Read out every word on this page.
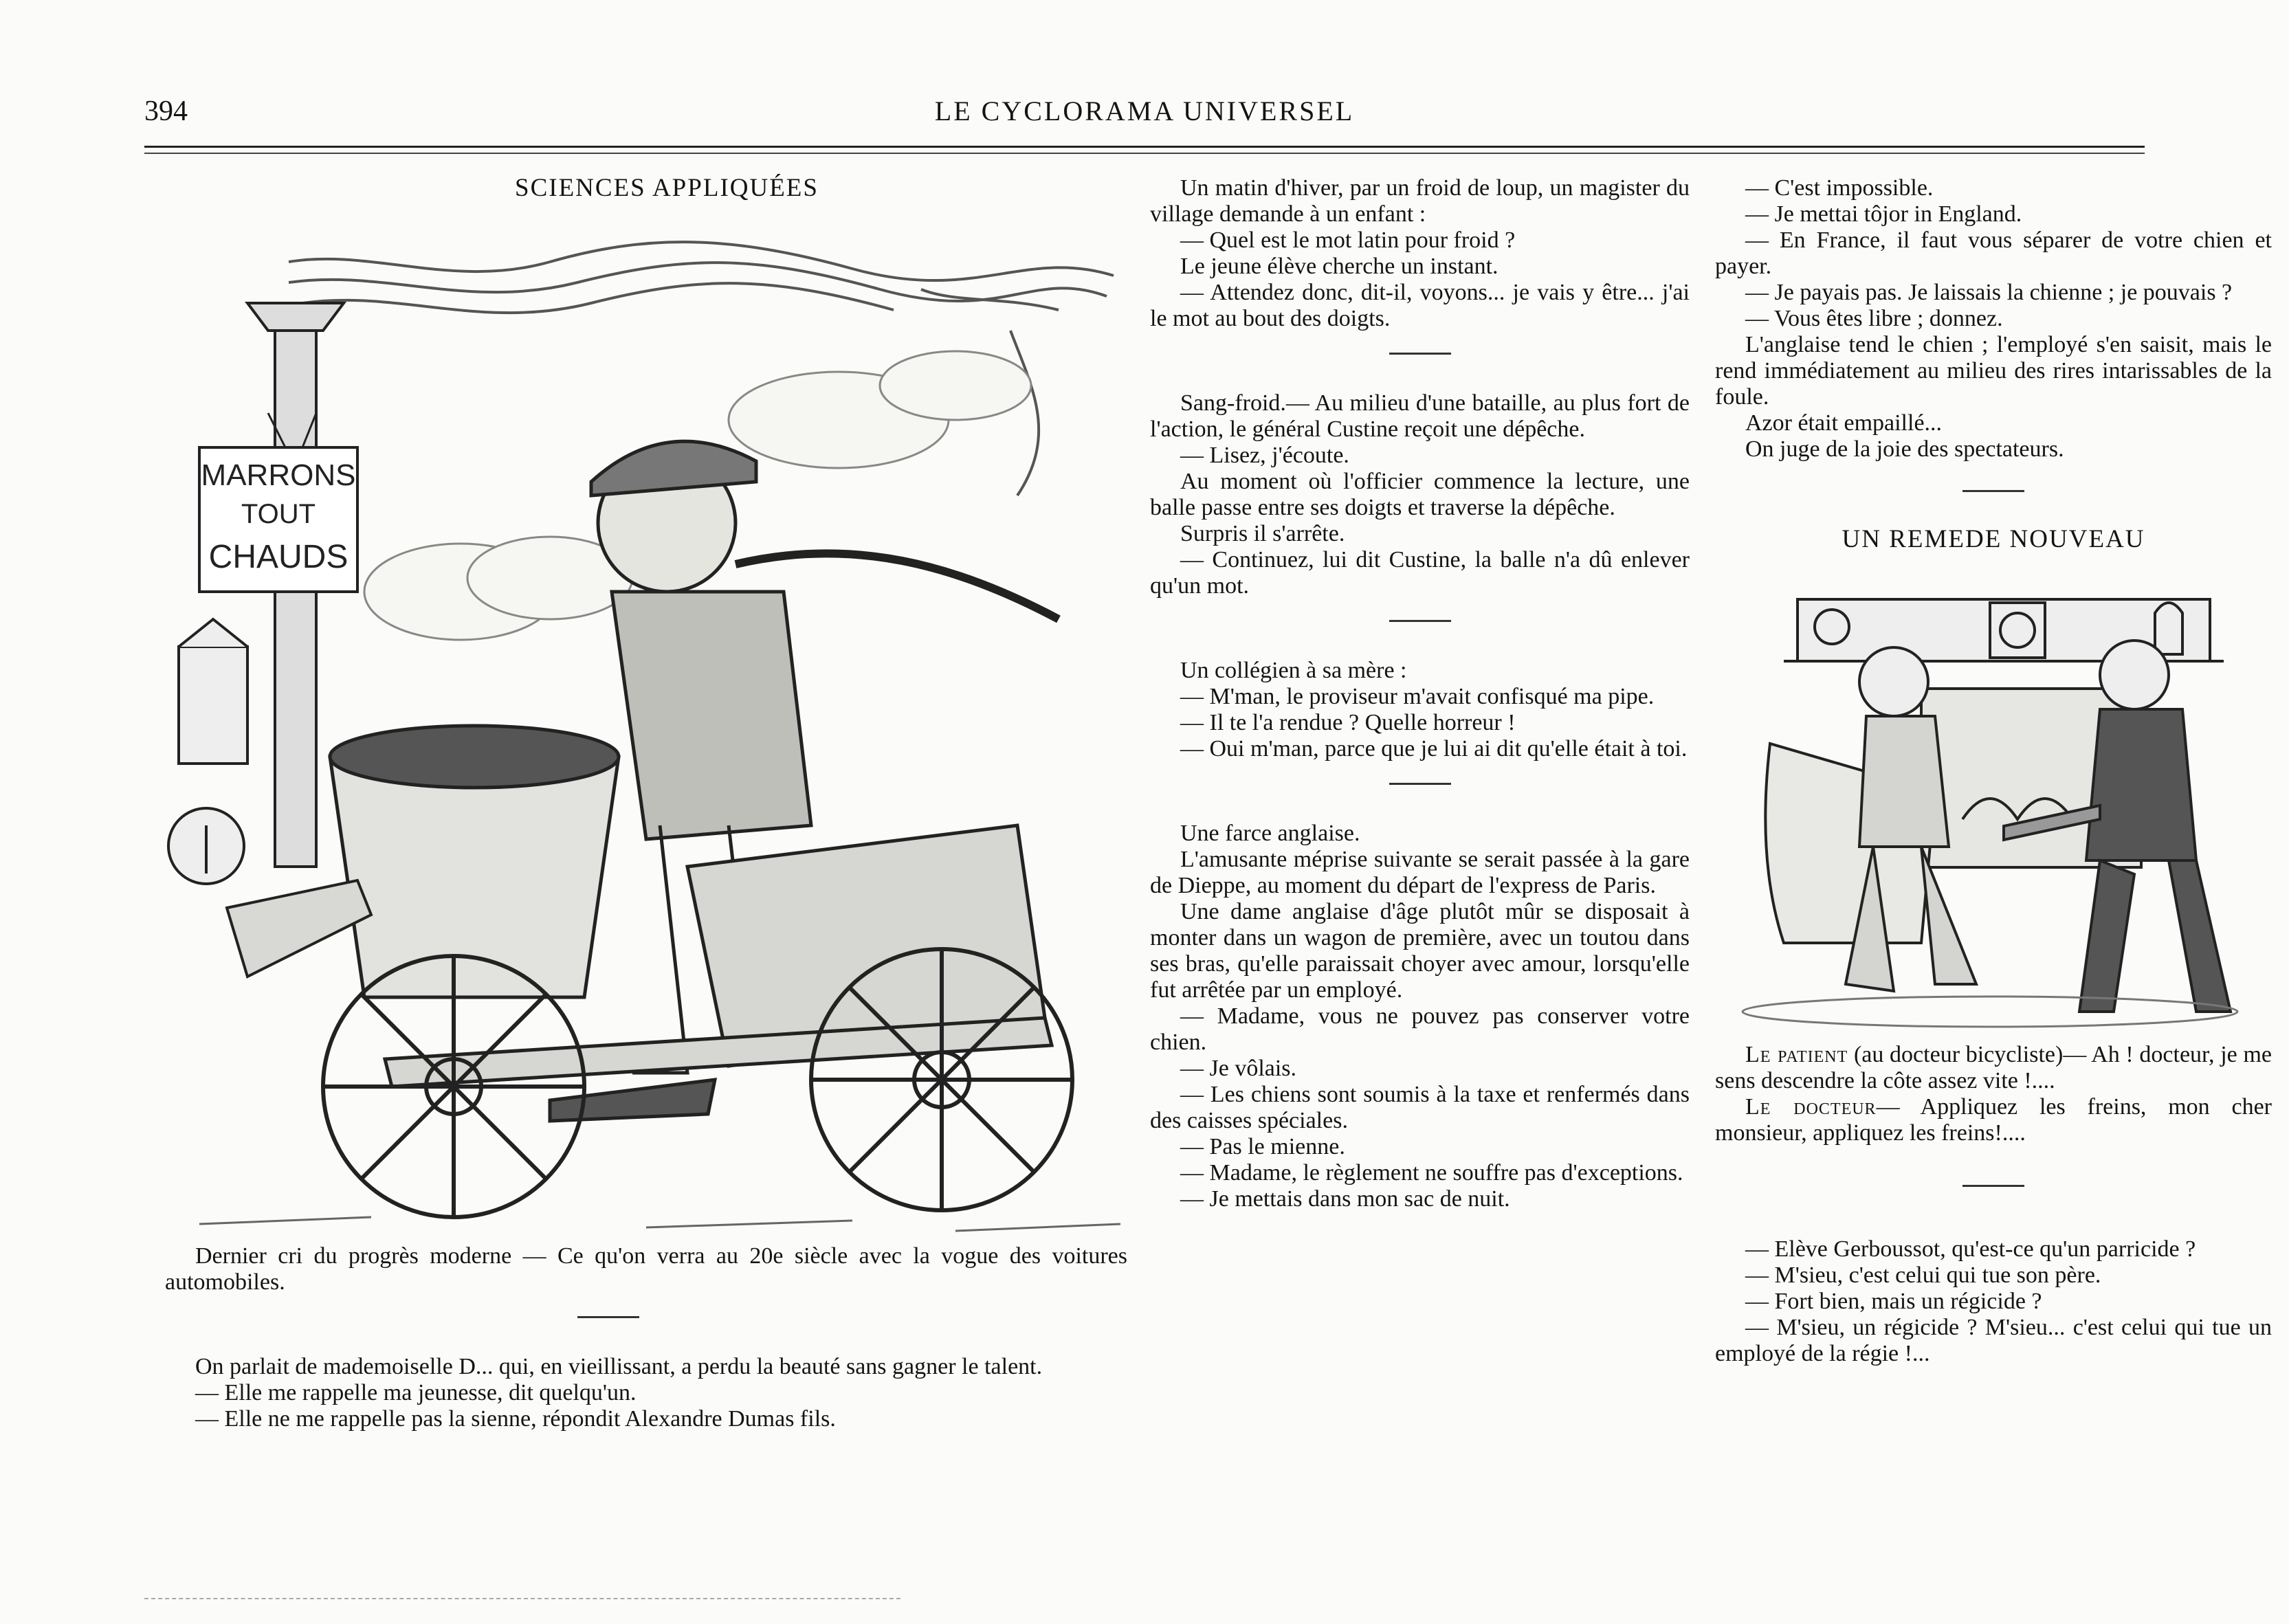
394	LE CYCLORAMA UNIVERSEL

SCIENCES APPLIQUÉES

MARRONS
TOUT
CHAUDS

Dernier cri du progrès moderne — Ce qu'on verra au 20e siècle avec la vogue des voitures automobiles.

On parlait de mademoiselle D... qui, en vieillissant, a perdu la beauté sans gagner le talent.

— Elle me rappelle ma jeunesse, dit quelqu'un.

— Elle ne me rappelle pas la sienne, répondit Alexandre Dumas fils.

Un matin d'hiver, par un froid de loup, un magister du village demande à un enfant :

— Quel est le mot latin pour froid ?

Le jeune élève cherche un instant.

— Attendez donc, dit-il, voyons... je vais y être... j'ai le mot au bout des doigts.

Sang-froid.— Au milieu d'une bataille, au plus fort de l'action, le général Custine reçoit une dépêche.

— Lisez, j'écoute.

Au moment où l'officier commence la lecture, une balle passe entre ses doigts et traverse la dépêche.

Surpris il s'arrête.

— Continuez, lui dit Custine, la balle n'a dû enlever qu'un mot.

Un collégien à sa mère :

— M'man, le proviseur m'avait confisqué ma pipe.

— Il te l'a rendue ? Quelle horreur !

— Oui m'man, parce que je lui ai dit qu'elle était à toi.

Une farce anglaise.

L'amusante méprise suivante se serait passée à la gare de Dieppe, au moment du départ de l'express de Paris.

Une dame anglaise d'âge plutôt mûr se disposait à monter dans un wagon de première, avec un toutou dans ses bras, qu'elle paraissait choyer avec amour, lorsqu'elle fut arrêtée par un employé.

— Madame, vous ne pouvez pas conserver votre chien.

— Je vôlais.

— Les chiens sont soumis à la taxe et renfermés dans des caisses spéciales.

— Pas le mienne.

— Madame, le règlement ne souffre pas d'exceptions.

— Je mettais dans mon sac de nuit.

— C'est impossible.

— Je mettai tôjor in England.

— En France, il faut vous séparer de votre chien et payer.

— Je payais pas. Je laissais la chienne ; je pouvais ?

— Vous êtes libre ; donnez.

L'anglaise tend le chien ; l'employé s'en saisit, mais le rend immédiatement au milieu des rires intarissables de la foule.

Azor était empaillé...

On juge de la joie des spectateurs.

UN REMEDE NOUVEAU

Le patient (au docteur bicycliste)— Ah ! docteur, je me sens descendre la côte assez vite !....

Le docteur— Appliquez les freins, mon cher monsieur, appliquez les freins!....

— Elève Gerboussot, qu'est-ce qu'un parricide ?

— M'sieu, c'est celui qui tue son père.

— Fort bien, mais un régicide ?

— M'sieu, un régicide ? M'sieu... c'est celui qui tue un employé de la régie !...
